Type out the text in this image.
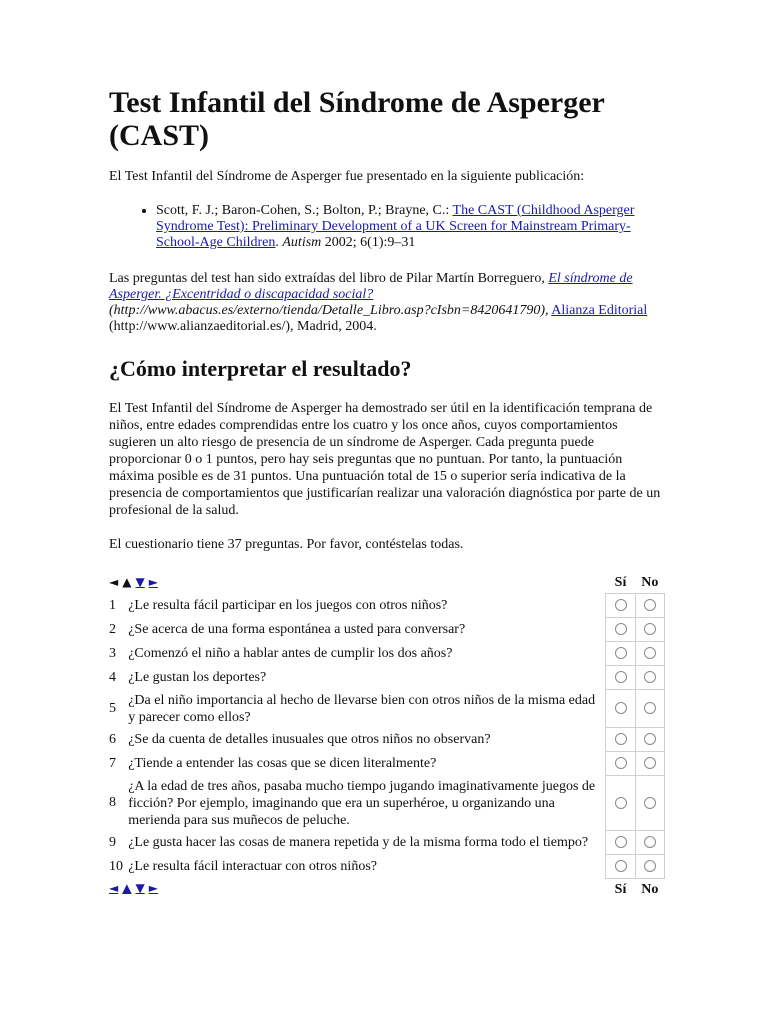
Test Infantil del Síndrome de Asperger (CAST)

El Test Infantil del Síndrome de Asperger fue presentado en la siguiente publicación:

• Scott, F. J.; Baron-Cohen, S.; Bolton, P.; Brayne, C.: The CAST (Childhood Asperger Syndrome Test): Preliminary Development of a UK Screen for Mainstream Primary-School-Age Children. Autism 2002; 6(1):9–31

Las preguntas del test han sido extraídas del libro de Pilar Martín Borreguero, El síndrome de Asperger. ¿Excentridad o discapacidad social? (http://www.abacus.es/externo/tienda/Detalle_Libro.asp?cIsbn=8420641790), Alianza Editorial (http://www.alianzaeditorial.es/), Madrid, 2004.

¿Cómo interpretar el resultado?

El Test Infantil del Síndrome de Asperger ha demostrado ser útil en la identificación temprana de niños, entre edades comprendidas entre los cuatro y los once años, cuyos comportamientos sugieren un alto riesgo de presencia de un síndrome de Asperger. Cada pregunta puede proporcionar 0 o 1 puntos, pero hay seis preguntas que no puntuan. Por tanto, la puntuación máxima posible es de 31 puntos. Una puntuación total de 15 o superior sería indicativa de la presencia de comportamientos que justificarían realizar una valoración diagnóstica por parte de un profesional de la salud.

El cuestionario tiene 37 preguntas. Por favor, contéstelas todas.

◄ ▲ ▼ ►		Sí	No
1	¿Le resulta fácil participar en los juegos con otros niños?		
2	¿Se acerca de una forma espontánea a usted para conversar?		
3	¿Comenzó el niño a hablar antes de cumplir los dos años?		
4	¿Le gustan los deportes?		
5	¿Da el niño importancia al hecho de llevarse bien con otros niños de la misma edad y parecer como ellos?		
6	¿Se da cuenta de detalles inusuales que otros niños no observan?		
7	¿Tiende a entender las cosas que se dicen literalmente?		
8	¿A la edad de tres años, pasaba mucho tiempo jugando imaginativamente juegos de ficción? Por ejemplo, imaginando que era un superhéroe, u organizando una merienda para sus muñecos de peluche.		
9	¿Le gusta hacer las cosas de manera repetida y de la misma forma todo el tiempo?		
10	¿Le resulta fácil interactuar con otros niños?		
◄ ▲ ▼ ►		Sí	No
